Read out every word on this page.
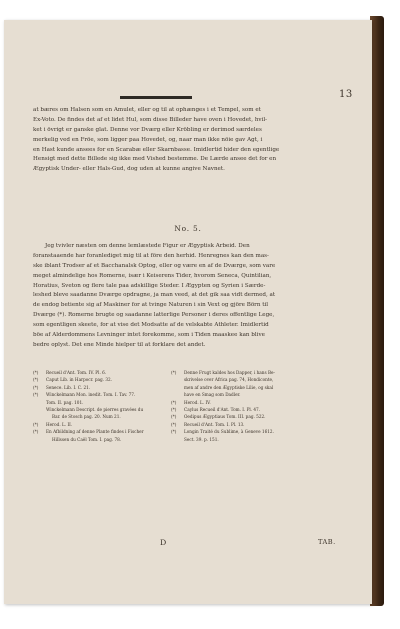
13
at bæres om Halsen som en Amulet, eller og til at ophænges i et Tempel, som et
Ex-Voto. De findes det af et lidet Hul, som disse Billeder have oven i Hovedet, hvil-
ket i övrigt er ganske glat. Denne vor Dværg eller Kröbling er derimod særdeles
merkelig ved en Fröe, som ligger paa Hovedet, og, naar man ikke nöie gav Agt, i
en Hast kunde ansees for en Scarabæ eller Skarnbasse. Imidlertid hider den egentlige
Hensigt med dette Billede sig ikke med Vished bestemme. De Lærde ansee det for en
Ægyptisk Under- eller Hals-Gud, dog uden at kunne angive Navnet.
No. 5.
Jeg tvivler næsten om denne lemlæstede Figur er Ægyptisk Arbeid. Den
foranstaaende har foranlediget mig til at före den herhid. Henregnes kan den mas-
ske iblant Trodser af et Bacchanalsk Optog, eller og være en af de Dværge, som vare
meget almindelige hos Romerne, især i Keiserens Tider, hvorom Seneca, Quintilian,
Horatius, Sveton og flere tale paa adskillige Steder. I Ægypten og Syrien i Særde-
leshed bleve saadanne Dværge opdragne, ja man veed, at det gik saa vidt dermed, at
de endog betiente sig af Maskiner for at tvinge Naturen i sin Vext og gjöre Börn til
Dværge (*). Romerne brugte og saadanne latterlige Personer i deres offentlige Lege,
som egentligen skeete, for at vise det Modsatte af de velskabte Athleter. Imidlertid
böe af Alderdommens Levninger intet forekomme, som i Tiden maaskee kan blive
bedre oplyst. Det ene Minde hielper til at forklare det andet.
(*)	Recueil d'Ant. Tom. IV. Pl. 6.
(*)	Caput Lib. in Harpocr. pag. 32.
(*)	Senece. Lib. I. C. 21.
(*)	Winckelmann Mon. inedit. Tom. I. Tav. 77.
Tom. II. pag. 101.
Winckelmann Descript. de pierres gravées du
Bar. de Stosch pag. 20. Num 21.
(*)	Herod. L. II.
(*)	En Afbildning af denne Plante findes i Fischer
Hillssen du Caël Tom. I. pag. 78.
(*)	Denne Frugt kaldes hos Dapper, i hans Be-
skrivelse over Africa pag. 74, Hondiconte,
men af andre den Ægyptiske Lilie, og skal
have en Smag som Dadler.
(*)	Herod. L. IV.
(*)	Caylus Recueil d'Ant. Tom. I. Pl. 47.
(*)	Oedipus Ægyptiaus Tom. III. pag. 522.
(*)	Recueil d'Ant. Tom. I. Pl. 13.
(*)	Longin Traité du Sublime, à Geneve 1612.
Sect. 39. p. 151.
D	TAB.
